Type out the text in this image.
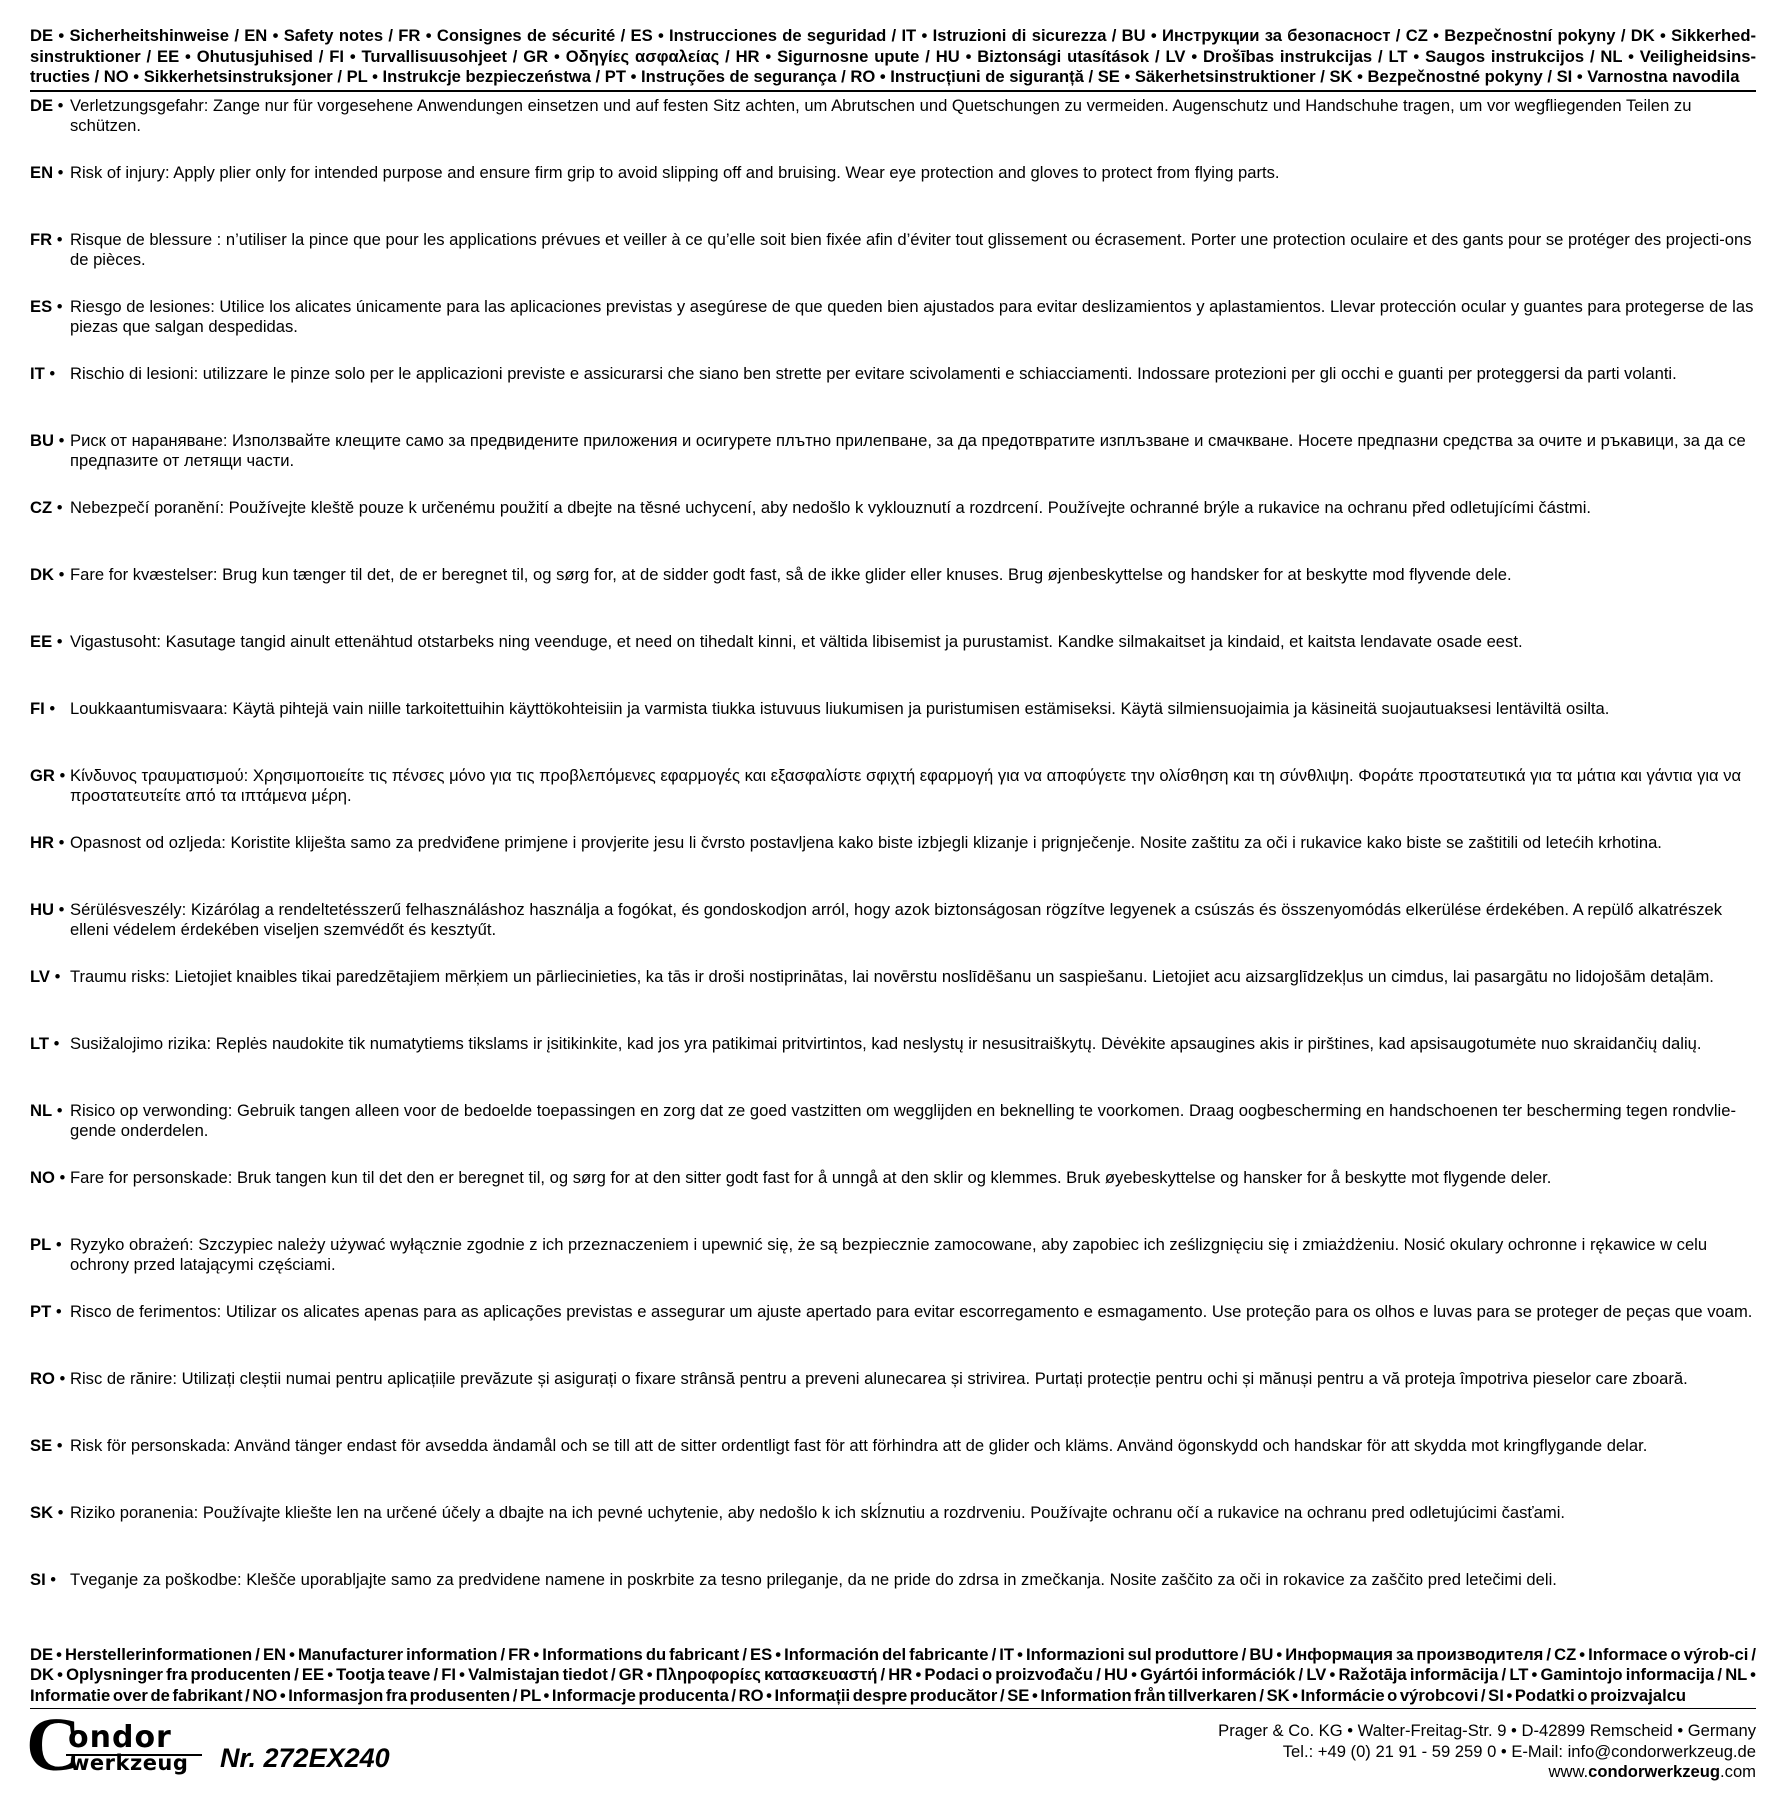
DE • Sicherheitshinweise / EN • Safety notes / FR • Consignes de sécurité / ES • Instrucciones de seguridad / IT • Istruzioni di sicurezza / BU • Инструкции за безопасност / CZ • Bezpečnostní pokyny / DK • Sikkerhed-sinstruktioner / EE • Ohutusjuhised / FI • Turvallisuusohjeet / GR • Οδηγίες ασφαλείας / HR • Sigurnosne upute / HU • Biztonsági utasítások / LV • Drošības instrukcijas / LT • Saugos instrukcijos / NL • Veiligheidsins-tructies / NO • Sikkerhetsinstruksjoner / PL • Instrukcje bezpieczeństwa / PT • Instruções de segurança / RO • Instrucțiuni de siguranță / SE • Säkerhetsinstruktioner / SK • Bezpečnostné pokyny / SI • Varnostna navodila
DE • Verletzungsgefahr: Zange nur für vorgesehene Anwendungen einsetzen und auf festen Sitz achten, um Abrutschen und Quetschungen zu vermeiden. Augenschutz und Handschuhe tragen, um vor wegfliegenden Teilen zu schützen.
EN • Risk of injury: Apply plier only for intended purpose and ensure firm grip to avoid slipping off and bruising. Wear eye protection and gloves to protect from flying parts.
FR • Risque de blessure : n’utiliser la pince que pour les applications prévues et veiller à ce qu’elle soit bien fixée afin d’éviter tout glissement ou écrasement. Porter une protection oculaire et des gants pour se protéger des projecti-ons de pièces.
ES • Riesgo de lesiones: Utilice los alicates únicamente para las aplicaciones previstas y asegúrese de que queden bien ajustados para evitar deslizamientos y aplastamientos. Llevar protección ocular y guantes para protegerse de las piezas que salgan despedidas.
IT • Rischio di lesioni: utilizzare le pinze solo per le applicazioni previste e assicurarsi che siano ben strette per evitare scivolamenti e schiacciamenti. Indossare protezioni per gli occhi e guanti per proteggersi da parti volanti.
BU • Риск от нараняване: Използвайте клещите само за предвидените приложения и осигурете плътно прилепване, за да предотвратите изплъзване и смачкване. Носете предпазни средства за очите и ръкавици, за да се предпазите от летящи части.
CZ • Nebezpečí poranění: Používejte kleště pouze k určenému použití a dbejte na těsné uchycení, aby nedošlo k vyklouznutí a rozdrcení. Používejte ochranné brýle a rukavice na ochranu před odletujícími částmi.
DK • Fare for kvæstelser: Brug kun tænger til det, de er beregnet til, og sørg for, at de sidder godt fast, så de ikke glider eller knuses. Brug øjenbeskyttelse og handsker for at beskytte mod flyvende dele.
EE • Vigastusoht: Kasutage tangid ainult ettenähtud otstarbeks ning veenduge, et need on tihedalt kinni, et vältida libisemist ja purustamist. Kandke silmakaitset ja kindaid, et kaitsta lendavate osade eest.
FI • Loukkaantumisvaara: Käytä pihtejä vain niille tarkoitettuihin käyttökohteisiin ja varmista tiukka istuvuus liukumisen ja puristumisen estämiseksi. Käytä silmiensuojaimia ja käsineitä suojautuaksesi lentäviltä osilta.
GR • Κίνδυνος τραυματισμού: Χρησιμοποιείτε τις πένσες μόνο για τις προβλεπόμενες εφαρμογές και εξασφαλίστε σφιχτή εφαρμογή για να αποφύγετε την ολίσθηση και τη σύνθλιψη. Φοράτε προστατευτικά για τα μάτια και γάντια για να προστατευτείτε από τα ιπτάμενα μέρη.
HR • Opasnost od ozljeda: Koristite kliješta samo za predviđene primjene i provjerite jesu li čvrsto postavljena kako biste izbjegli klizanje i prignječenje. Nosite zaštitu za oči i rukavice kako biste se zaštitili od letećih krhotina.
HU • Sérülésveszély: Kizárólag a rendeltetésszerű felhasználáshoz használja a fogókat, és gondoskodjon arról, hogy azok biztonságosan rögzítve legyenek a csúszás és összenyomódás elkerülése érdekében. A repülő alkatrészek elleni védelem érdekében viseljen szemvédőt és kesztyűt.
LV • Traumu risks: Lietojiet knaibles tikai paredzētajiem mērķiem un pārliecinieties, ka tās ir droši nostiprinātas, lai novērstu noslīdēšanu un saspiešanu. Lietojiet acu aizsarglīdzekļus un cimdus, lai pasargātu no lidojošām detaļām.
LT • Susižalojimo rizika: Replės naudokite tik numatytiems tikslams ir įsitikinkite, kad jos yra patikimai pritvirtintos, kad neslystų ir nesusitraiškytų. Dėvėkite apsaugines akis ir pirštines, kad apsisaugotumėte nuo skraidančių dalių.
NL • Risico op verwonding: Gebruik tangen alleen voor de bedoelde toepassingen en zorg dat ze goed vastzitten om wegglijden en beknelling te voorkomen. Draag oogbescherming en handschoenen ter bescherming tegen rondvlie-gende onderdelen.
NO • Fare for personskade: Bruk tangen kun til det den er beregnet til, og sørg for at den sitter godt fast for å unngå at den sklir og klemmes. Bruk øyebeskyttelse og hansker for å beskytte mot flygende deler.
PL • Ryzyko obrażeń: Szczypiec należy używać wyłącznie zgodnie z ich przeznaczeniem i upewnić się, że są bezpiecznie zamocowane, aby zapobiec ich ześlizgnięciu się i zmiażdżeniu. Nosić okulary ochronne i rękawice w celu ochrony przed latającymi częściami.
PT • Risco de ferimentos: Utilizar os alicates apenas para as aplicações previstas e assegurar um ajuste apertado para evitar escorregamento e esmagamento. Use proteção para os olhos e luvas para se proteger de peças que voam.
RO • Risc de rănire: Utilizați cleștii numai pentru aplicațiile prevăzute și asigurați o fixare strânsă pentru a preveni alunecarea și strivirea. Purtați protecție pentru ochi și mănuși pentru a vă proteja împotriva pieselor care zboară.
SE • Risk för personskada: Använd tänger endast för avsedda ändamål och se till att de sitter ordentligt fast för att förhindra att de glider och kläms. Använd ögonskydd och handskar för att skydda mot kringflygande delar.
SK • Riziko poranenia: Používajte kliešte len na určené účely a dbajte na ich pevné uchytenie, aby nedošlo k ich skĺznutiu a rozdrveniu. Používajte ochranu očí a rukavice na ochranu pred odletujúcimi časťami.
SI • Tveganje za poškodbe: Klešče uporabljajte samo za predvidene namene in poskrbite za tesno prileganje, da ne pride do zdrsa in zmečkanja. Nosite zaščito za oči in rokavice za zaščito pred letečimi deli.
DE • Herstellerinformationen / EN • Manufacturer information / FR • Informations du fabricant / ES • Información del fabricante / IT • Informazioni sul produttore / BU • Информация за производителя / CZ • Informace o výrob-ci / DK • Oplysninger fra producenten / EE • Tootja teave / FI • Valmistajan tiedot / GR • Πληροφορίες κατασκευαστή / HR • Podaci o proizvođaču / HU • Gyártói információk / LV • Ražotāja informācija / LT • Gamintojo informacija / NL • Informatie over de fabrikant / NO • Informasjon fra produsenten / PL • Informacje producenta / RO • Informații despre producător / SE • Information från tillverkaren / SK • Informácie o výrobcovi / SI • Podatki o proizvajalcu
C
ondor
werkzeug Nr. 272EX240
Prager & Co. KG • Walter-Freitag-Str. 9 • D-42899 Remscheid • Germany
Tel.: +49 (0) 21 91 - 59 259 0 • E-Mail: info@condorwerkzeug.de
www.condorwerkzeug.com
